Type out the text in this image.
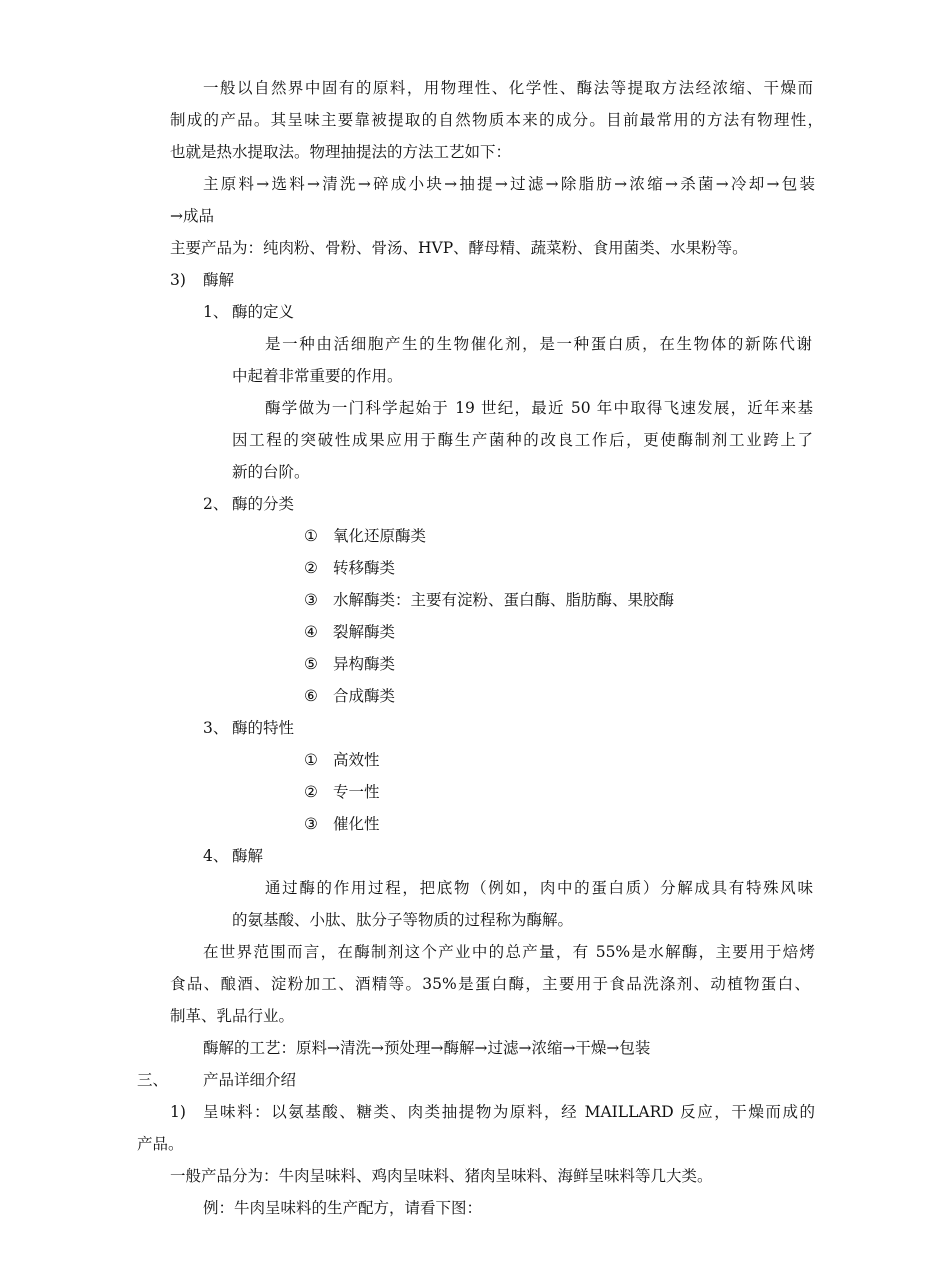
一般以自然界中固有的原料，用物理性、化学性、酶法等提取方法经浓缩、干燥而
制成的产品。其呈味主要靠被提取的自然物质本来的成分。目前最常用的方法有物理性，
也就是热水提取法。物理抽提法的方法工艺如下：
主原料→选料→清洗→碎成小块→抽提→过滤→除脂肪→浓缩→杀菌→冷却→包装
→成品
主要产品为：纯肉粉、骨粉、骨汤、HVP、酵母精、蔬菜粉、食用菌类、水果粉等。
3) 酶解
1、 酶的定义
是一种由活细胞产生的生物催化剂，是一种蛋白质，在生物体的新陈代谢
中起着非常重要的作用。
酶学做为一门科学起始于 19 世纪，最近 50 年中取得飞速发展，近年来基
因工程的突破性成果应用于酶生产菌种的改良工作后，更使酶制剂工业跨上了
新的台阶。
2、 酶的分类
① 氧化还原酶类
② 转移酶类
③ 水解酶类：主要有淀粉、蛋白酶、脂肪酶、果胶酶
④ 裂解酶类
⑤ 异构酶类
⑥ 合成酶类
3、 酶的特性
① 高效性
② 专一性
③ 催化性
4、 酶解
通过酶的作用过程，把底物（例如，肉中的蛋白质）分解成具有特殊风味
的氨基酸、小肽、肽分子等物质的过程称为酶解。
在世界范围而言，在酶制剂这个产业中的总产量，有 55%是水解酶，主要用于焙烤
食品、酿酒、淀粉加工、酒精等。35%是蛋白酶，主要用于食品洗涤剂、动植物蛋白、
制革、乳品行业。
酶解的工艺：原料→清洗→预处理→酶解→过滤→浓缩→干燥→包装
三、 产品详细介绍
1) 呈味料：以氨基酸、糖类、肉类抽提物为原料，经 MAILLARD 反应，干燥而成的
产品。
一般产品分为：牛肉呈味料、鸡肉呈味料、猪肉呈味料、海鲜呈味料等几大类。
例：牛肉呈味料的生产配方，请看下图：
